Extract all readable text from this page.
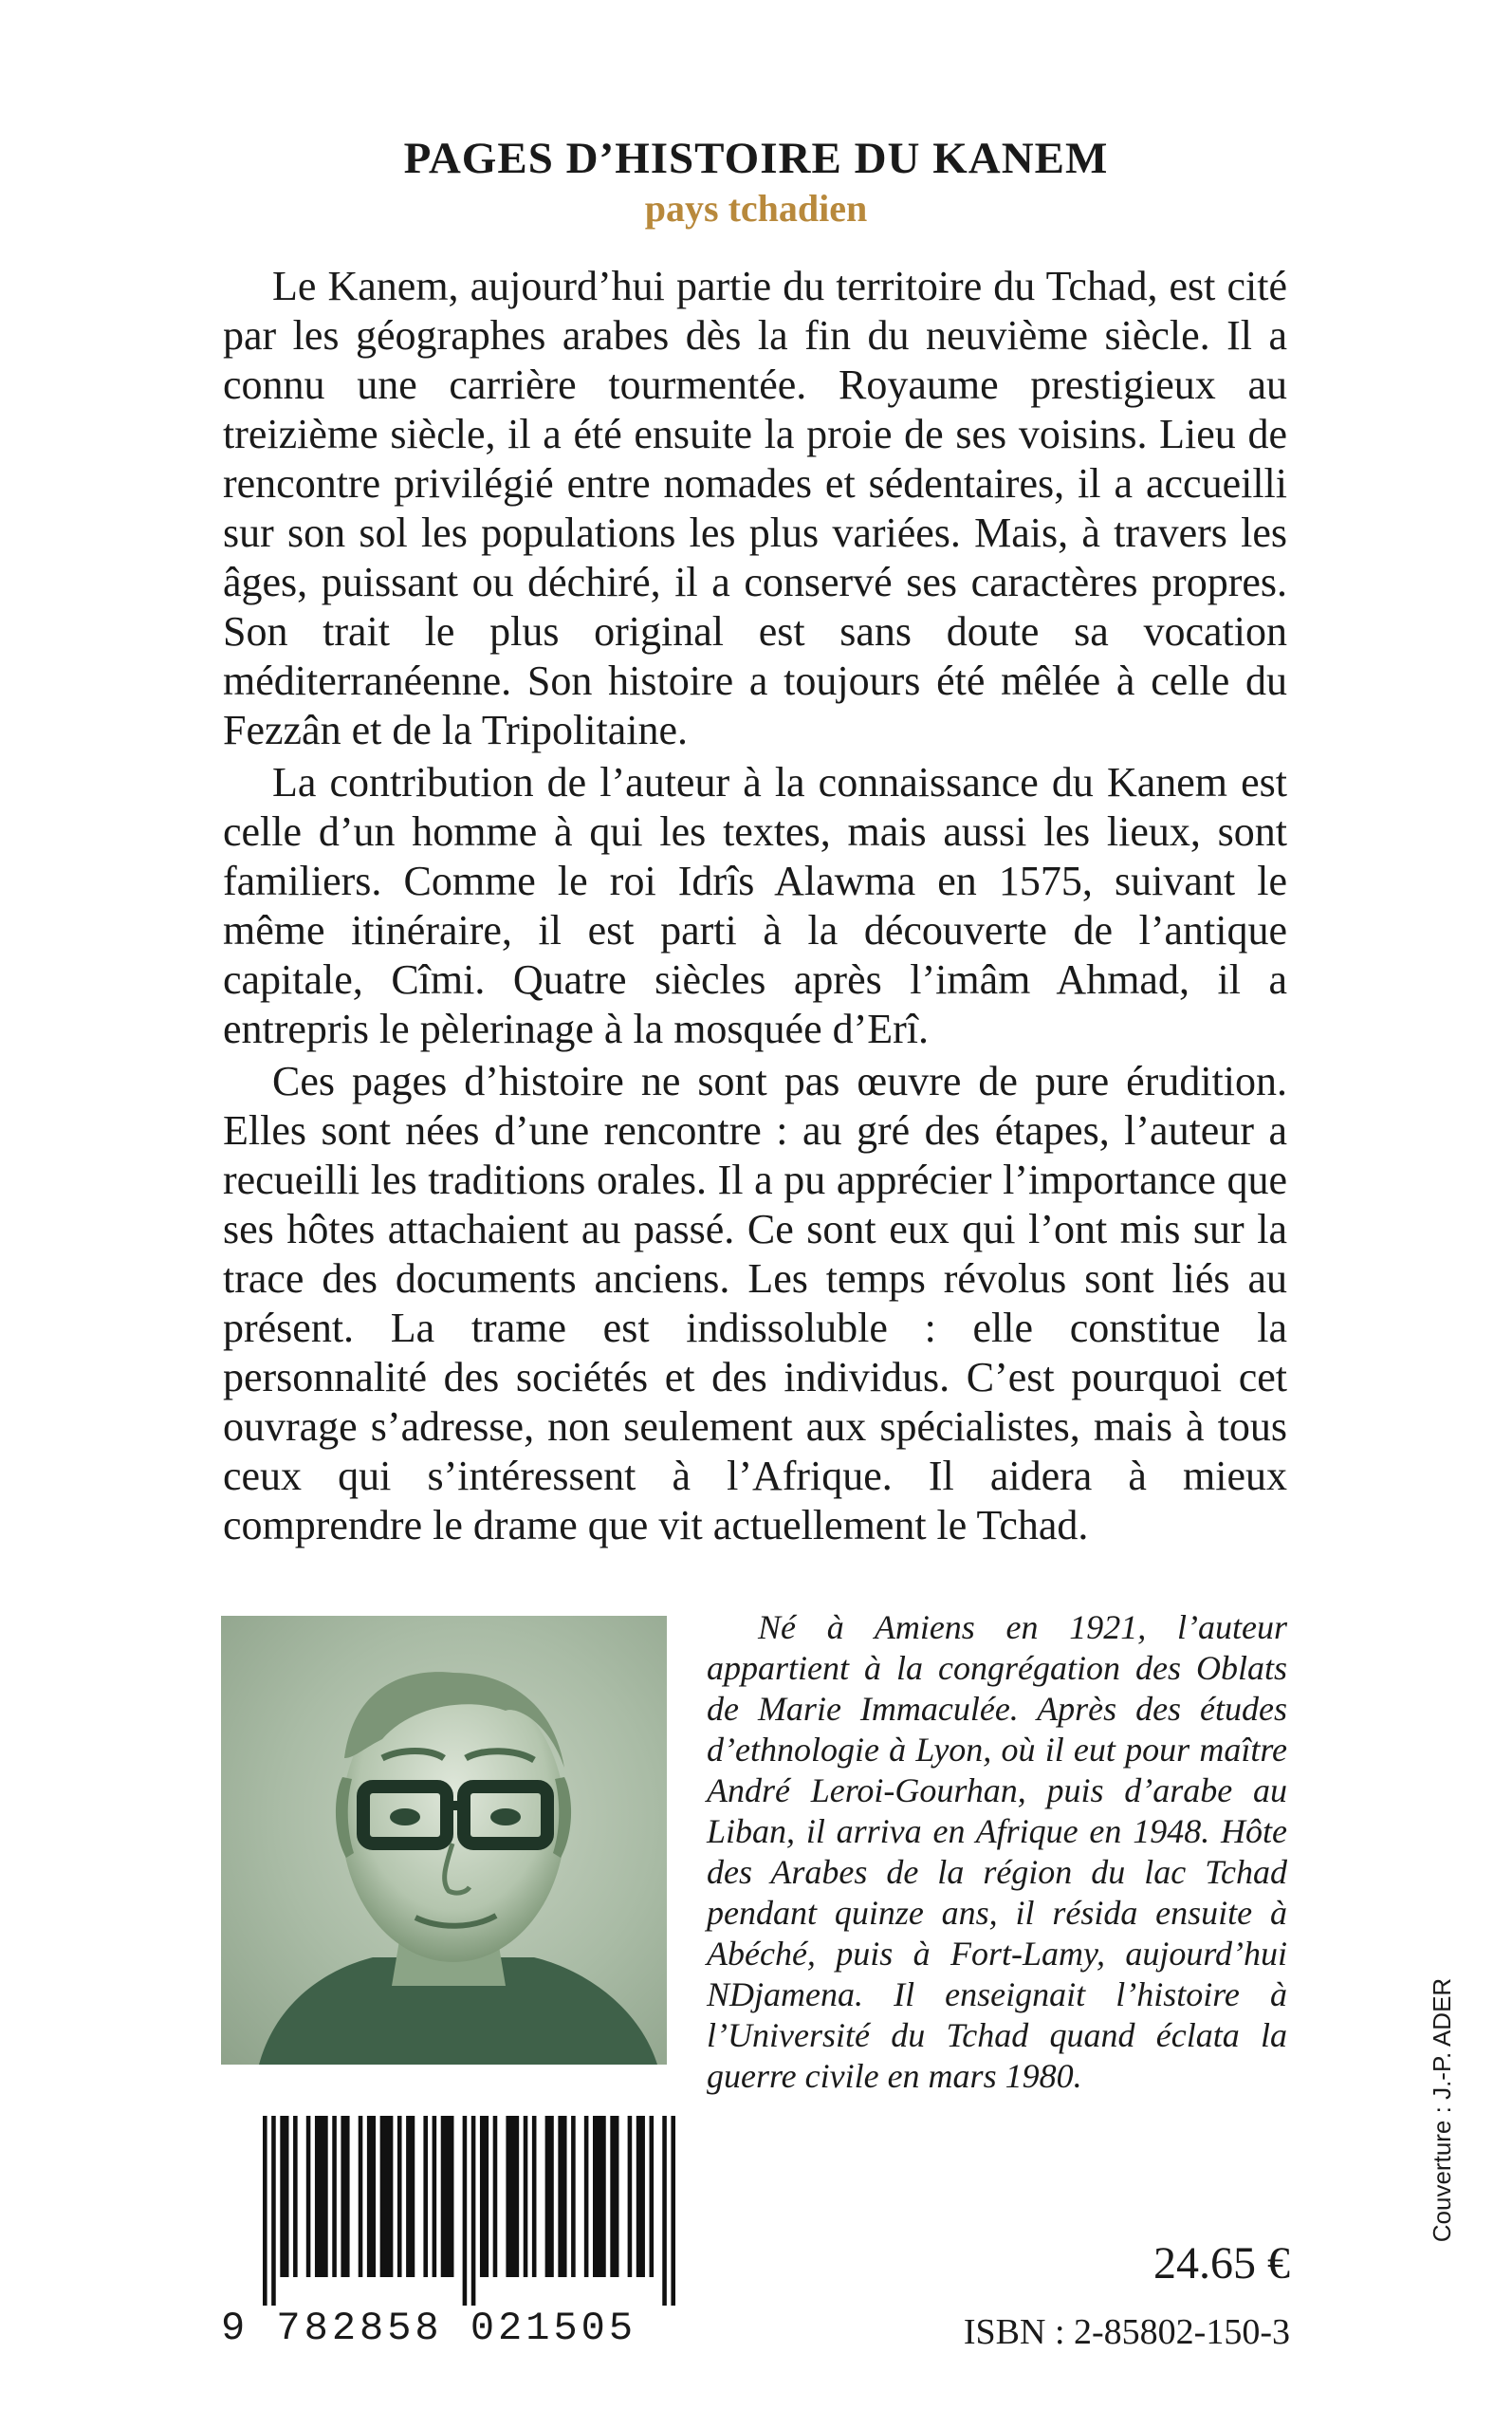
PAGES D’HISTOIRE DU KANEM
pays tchadien

Le Kanem, aujourd’hui partie du territoire du Tchad, est cité par les géographes arabes dès la fin du neuvième siècle. Il a connu une carrière tourmentée. Royaume prestigieux au treizième siècle, il a été ensuite la proie de ses voisins. Lieu de rencontre privilégié entre nomades et sédentaires, il a accueilli sur son sol les populations les plus variées. Mais, à travers les âges, puissant ou déchiré, il a conservé ses caractères propres. Son trait le plus original est sans doute sa vocation méditerranéenne. Son histoire a toujours été mêlée à celle du Fezzân et de la Tripolitaine.

La contribution de l’auteur à la connaissance du Kanem est celle d’un homme à qui les textes, mais aussi les lieux, sont familiers. Comme le roi Idrîs Alawma en 1575, suivant le même itinéraire, il est parti à la découverte de l’antique capitale, Cîmi. Quatre siècles après l’imâm Ahmad, il a entrepris le pèlerinage à la mosquée d’Erî.

Ces pages d’histoire ne sont pas œuvre de pure érudition. Elles sont nées d’une rencontre : au gré des étapes, l’auteur a recueilli les traditions orales. Il a pu apprécier l’importance que ses hôtes attachaient au passé. Ce sont eux qui l’ont mis sur la trace des documents anciens. Les temps révolus sont liés au présent. La trame est indissoluble : elle constitue la personnalité des sociétés et des individus. C’est pourquoi cet ouvrage s’adresse, non seulement aux spécialistes, mais à tous ceux qui s’intéressent à l’Afrique. Il aidera à mieux comprendre le drame que vit actuellement le Tchad.

Né à Amiens en 1921, l’auteur appartient à la congrégation des Oblats de Marie Immaculée. Après des études d’ethnologie à Lyon, où il eut pour maître André Leroi-Gourhan, puis d’arabe au Liban, il arriva en Afrique en 1948. Hôte des Arabes de la région du lac Tchad pendant quinze ans, il résida ensuite à Abéché, puis à Fort-Lamy, aujourd’hui NDjamena. Il enseignait l’histoire à l’Université du Tchad quand éclata la guerre civile en mars 1980.

9 782858 021505
24.65 €
ISBN : 2-85802-150-3
Couverture : J.-P. ADER
